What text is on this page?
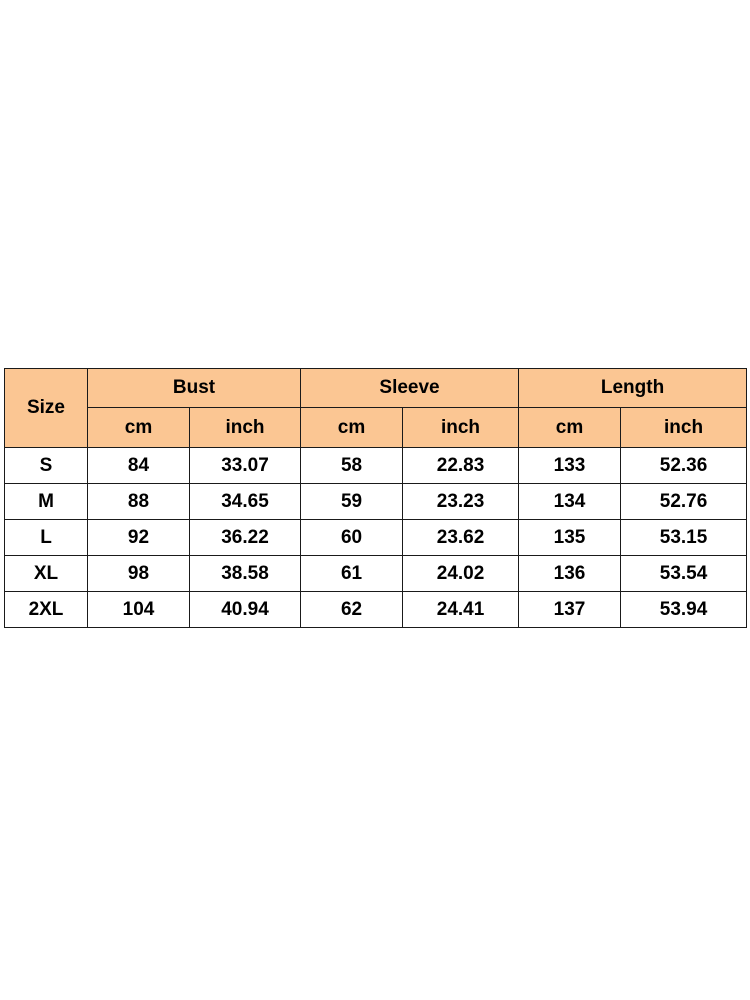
Size	Bust		Sleeve		Length	
	cm	inch	cm	inch	cm	inch
S	84	33.07	58	22.83	133	52.36
M	88	34.65	59	23.23	134	52.76
L	92	36.22	60	23.62	135	53.15
XL	98	38.58	61	24.02	136	53.54
2XL	104	40.94	62	24.41	137	53.94
